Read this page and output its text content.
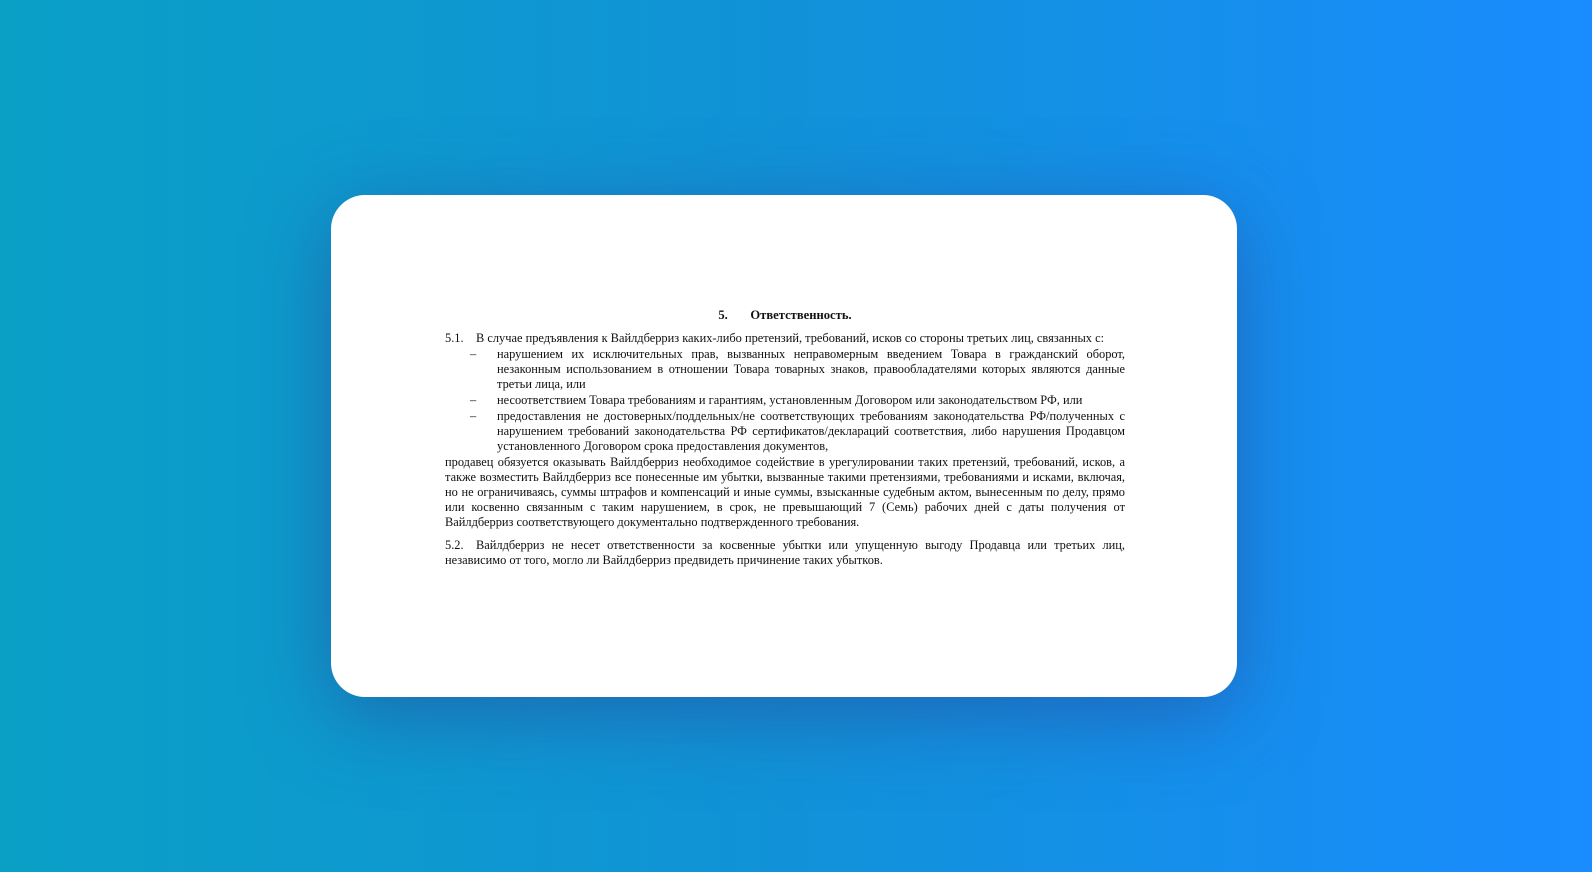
5. Ответственность.

5.1. В случае предъявления к Вайлдберриз каких-либо претензий, требований, исков со стороны третьих лиц, связанных с:

– нарушением их исключительных прав, вызванных неправомерным введением Товара в гражданский оборот, незаконным использованием в отношении Товара товарных знаков, правообладателями которых являются данные третьи лица, или
– несоответствием Товара требованиям и гарантиям, установленным Договором или законодательством РФ, или
– предоставления не достоверных/поддельных/не соответствующих требованиям законодательства РФ/полученных с нарушением требований законодательства РФ сертификатов/деклараций соответствия, либо нарушения Продавцом установленного Договором срока предоставления документов,

продавец обязуется оказывать Вайлдберриз необходимое содействие в урегулировании таких претензий, требований, исков, а также возместить Вайлдберриз все понесенные им убытки, вызванные такими претензиями, требованиями и исками, включая, но не ограничиваясь, суммы штрафов и компенсаций и иные суммы, взысканные судебным актом, вынесенным по делу, прямо или косвенно связанным с таким нарушением, в срок, не превышающий 7 (Семь) рабочих дней с даты получения от Вайлдберриз соответствующего документально подтвержденного требования.

5.2. Вайлдберриз не несет ответственности за косвенные убытки или упущенную выгоду Продавца или третьих лиц, независимо от того, могло ли Вайлдберриз предвидеть причинение таких убытков.
